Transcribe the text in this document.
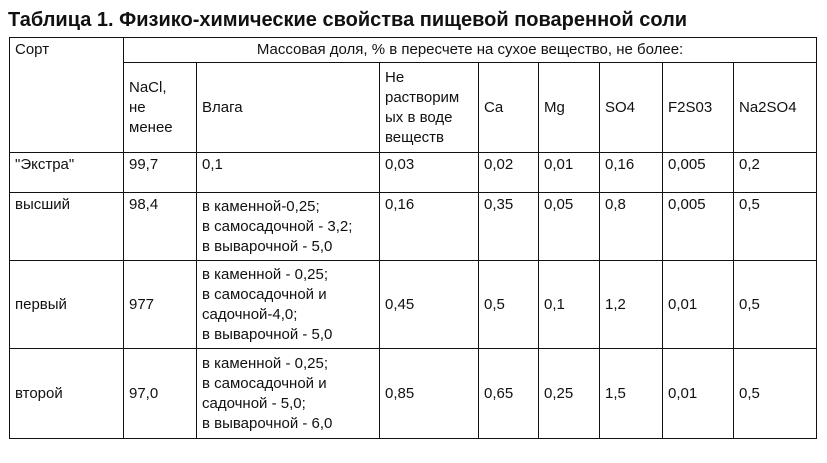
Таблица 1. Физико-химические свойства пищевой поваренной соли
Сорт	Массовая доля, % в пересчете на сухое вещество, не более:							

	NaCl,
не
менее	Влага	Не
растворим
ых в воде
веществ	Ca	Mg	SO4	F2S03	Na2SO4

"Экстра"	99,7	0,1	0,03	0,02	0,01	0,16	0,005	0,2
высший	98,4	в каменной-0,25;
в самосадочной - 3,2;
в выварочной - 5,0	0,16	0,35	0,05	0,8	0,005	0,5
первый	977	в каменной - 0,25;
в самосадочной и
садочной-4,0;
в выварочной - 5,0	0,45	0,5	0,1	1,2	0,01	0,5
второй	97,0	в каменной - 0,25;
в самосадочной и
садочной - 5,0;
в выварочной - 6,0	0,85	0,65	0,25	1,5	0,01	0,5
